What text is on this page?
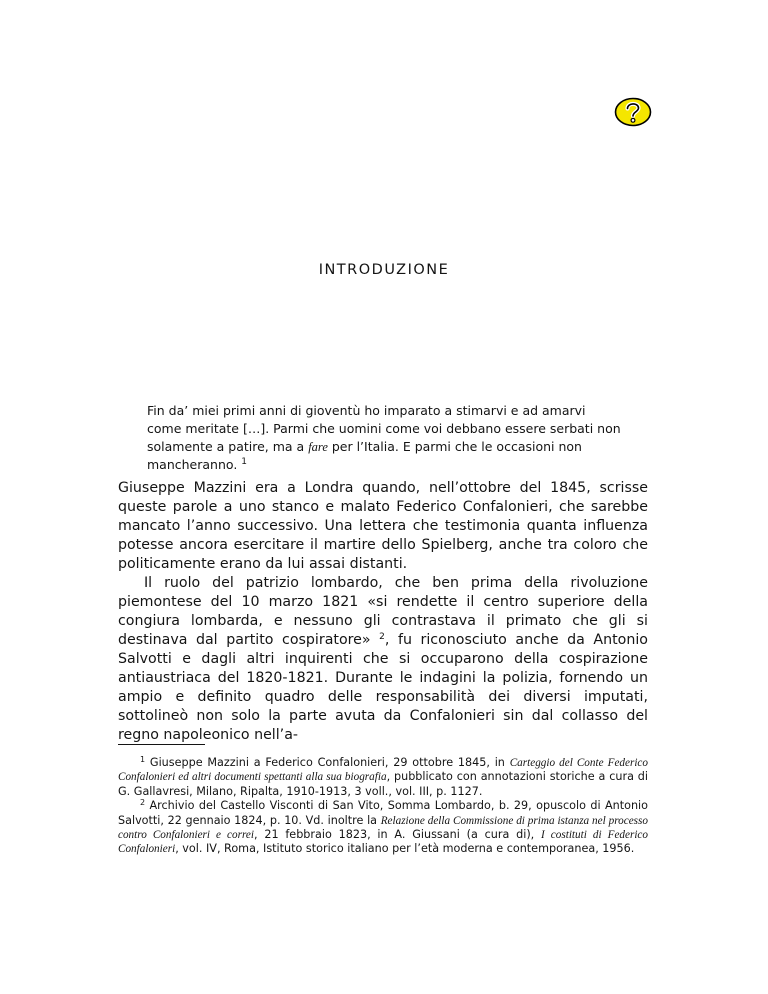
INTRODUZIONE

Fin da’ miei primi anni di gioventù ho imparato a stimarvi e ad amarvi come meritate […]. Parmi che uomini come voi debbano essere serbati non solamente a patire, ma a fare per l’Italia. E parmi che le occasioni non mancheranno. $^1$

Giuseppe Mazzini era a Londra quando, nell’ottobre del 1845, scrisse queste parole a uno stanco e malato Federico Confalonieri, che sarebbe mancato l’anno successivo. Una lettera che testimonia quanta influenza potesse ancora esercitare il martire dello Spielberg, anche tra coloro che politicamente erano da lui assai distanti.

Il ruolo del patrizio lombardo, che ben prima della rivoluzione piemontese del 10 marzo 1821 «si rendette il centro superiore della congiura lombarda, e nessuno gli contrastava il primato che gli si destinava dal partito cospiratore» $^2$, fu riconosciuto anche da Antonio Salvotti e dagli altri inquirenti che si occuparono della cospirazione antiaustriaca del 1820-1821. Durante le indagini la polizia, fornendo un ampio e definito quadro delle responsabilità dei diversi imputati, sottolineò non solo la parte avuta da Confalonieri sin dal collasso del regno napoleonico nell’a-

$^1$ Giuseppe Mazzini a Federico Confalonieri, 29 ottobre 1845, in Carteggio del Conte Federico Confalonieri ed altri documenti spettanti alla sua biografia, pubblicato con annotazioni storiche a cura di G. Gallavresi, Milano, Ripalta, 1910-1913, 3 voll., vol. III, p. 1127.

$^2$ Archivio del Castello Visconti di San Vito, Somma Lombardo, b. 29, opuscolo di Antonio Salvotti, 22 gennaio 1824, p. 10. Vd. inoltre la Relazione della Commissione di prima istanza nel processo contro Confalonieri e correi, 21 febbraio 1823, in A. Giussani (a cura di), I costituti di Federico Confalonieri, vol. IV, Roma, Istituto storico italiano per l’età moderna e contemporanea, 1956.
